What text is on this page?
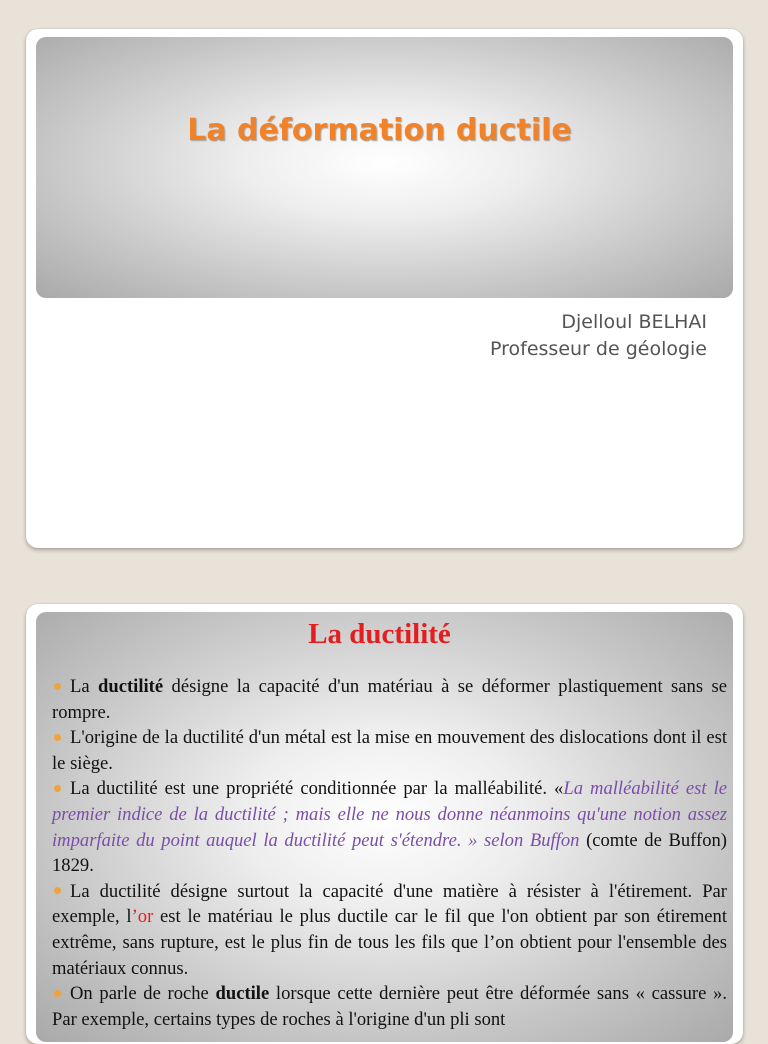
La déformation ductile
Djelloul BELHAI
Professeur de géologie
La ductilité
La ductilité désigne la capacité d'un matériau à se déformer plastiquement sans se rompre.
L'origine de la ductilité d'un métal est la mise en mouvement des dislocations dont il est le siège.
La ductilité est une propriété conditionnée par la malléabilité. «La malléabilité est le premier indice de la ductilité ; mais elle ne nous donne néanmoins qu'une notion assez imparfaite du point auquel la ductilité peut s'étendre. » selon Buffon (comte de Buffon) 1829.
La ductilité désigne surtout la capacité d'une matière à résister à l'étirement. Par exemple, l’or est le matériau le plus ductile car le fil que l'on obtient par son étirement extrême, sans rupture, est le plus fin de tous les fils que l’on obtient pour l'ensemble des matériaux connus.
On parle de roche ductile lorsque cette dernière peut être déformée sans « cassure ». Par exemple, certains types de roches à l'origine d'un pli sont
